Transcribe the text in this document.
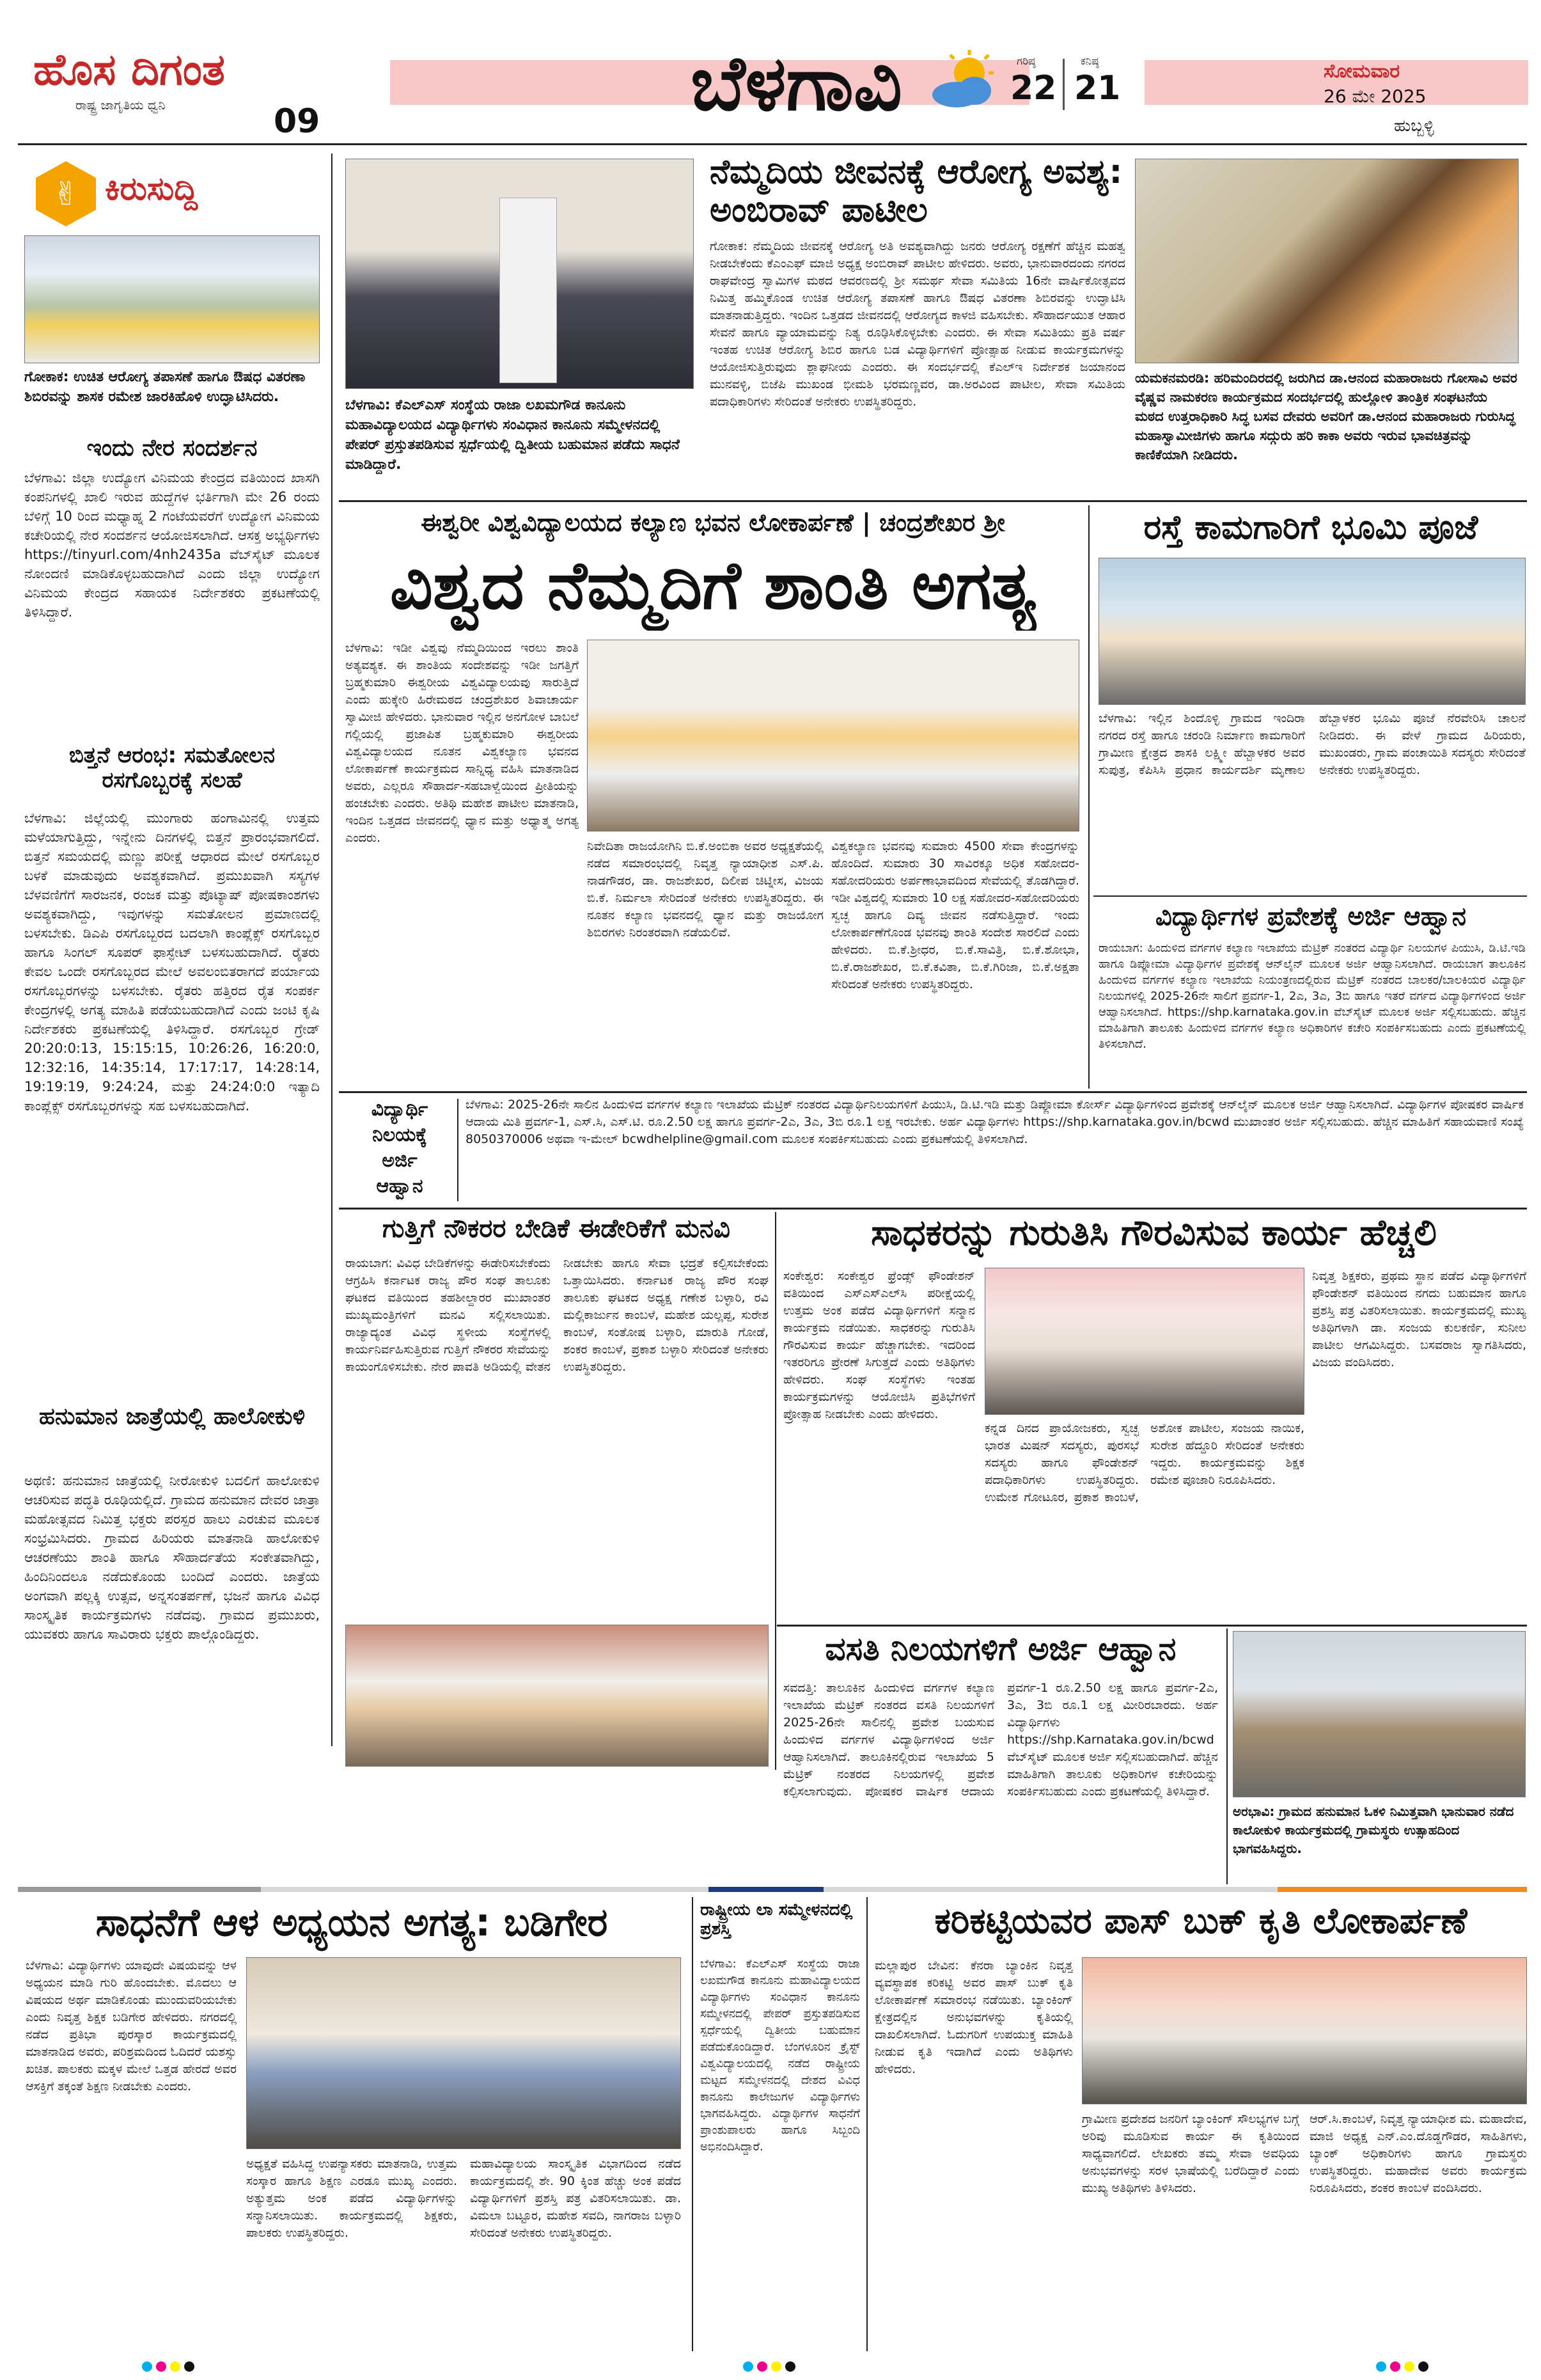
ಹೊಸ ದಿಗಂತ
ರಾಷ್ಟ್ರ ಜಾಗೃತಿಯ ಧ್ವನಿ	09	ಬೆಳಗಾವಿ	ಗರಿಷ್ಠ
22
ಕನಿಷ್ಠ
21	ಸೋಮವಾರ
26 ಮೇ 2025
ಹುಬ್ಬಳ್ಳಿ
✌ ಕಿರುಸುದ್ದಿ
ಗೋಕಾಕ: ಉಚಿತ ಆರೋಗ್ಯ ತಪಾಸಣೆ ಹಾಗೂ ಔಷಧ ವಿತರಣಾ ಶಿಬಿರವನ್ನು ಶಾಸಕ ರಮೇಶ ಜಾರಕಿಹೊಳಿ ಉದ್ಘಾಟಿಸಿದರು.
ಇಂದು ನೇರ ಸಂದರ್ಶನ
ಬೆಳಗಾವಿ: ಜಿಲ್ಲಾ ಉದ್ಯೋಗ ವಿನಿಮಯ ಕೇಂದ್ರದ ವತಿಯಿಂದ ಖಾಸಗಿ ಕಂಪನಿಗಳಲ್ಲಿ ಖಾಲಿ ಇರುವ ಹುದ್ದೆಗಳ ಭರ್ತಿಗಾಗಿ ಮೇ 26 ರಂದು ಬೆಳಿಗ್ಗೆ 10 ರಿಂದ ಮಧ್ಯಾಹ್ನ 2 ಗಂಟೆಯವರೆಗೆ ಉದ್ಯೋಗ ವಿನಿಮಯ ಕಚೇರಿಯಲ್ಲಿ ನೇರ ಸಂದರ್ಶನ ಆಯೋಜಿಸಲಾಗಿದೆ. ಆಸಕ್ತ ಅಭ್ಯರ್ಥಿಗಳು https://tinyurl.com/4nh2435a ವೆಬ್‌ಸೈಟ್ ಮೂಲಕ ನೋಂದಣಿ ಮಾಡಿಕೊಳ್ಳಬಹುದಾಗಿದೆ ಎಂದು ಜಿಲ್ಲಾ ಉದ್ಯೋಗ ವಿನಿಮಯ ಕೇಂದ್ರದ ಸಹಾಯಕ ನಿರ್ದೇಶಕರು ಪ್ರಕಟಣೆಯಲ್ಲಿ ತಿಳಿಸಿದ್ದಾರೆ.
ಬಿತ್ತನೆ ಆರಂಭ: ಸಮತೋಲನ ರಸಗೊಬ್ಬರಕ್ಕೆ ಸಲಹೆ
ಬೆಳಗಾವಿ: ಜಿಲ್ಲೆಯಲ್ಲಿ ಮುಂಗಾರು ಹಂಗಾಮಿನಲ್ಲಿ ಉತ್ತಮ ಮಳೆಯಾಗುತ್ತಿದ್ದು, ಇನ್ನೇನು ದಿನಗಳಲ್ಲಿ ಬಿತ್ತನೆ ಪ್ರಾರಂಭವಾಗಲಿದೆ. ಬಿತ್ತನೆ ಸಮಯದಲ್ಲಿ ಮಣ್ಣು ಪರೀಕ್ಷೆ ಆಧಾರದ ಮೇಲೆ ರಸಗೊಬ್ಬರ ಬಳಕೆ ಮಾಡುವುದು ಅವಶ್ಯಕವಾಗಿದೆ. ಪ್ರಮುಖವಾಗಿ ಸಸ್ಯಗಳ ಬೆಳವಣಿಗೆಗೆ ಸಾರಜನಕ, ರಂಜಕ ಮತ್ತು ಪೊಟ್ಯಾಷ್ ಪೋಷಕಾಂಶಗಳು ಅವಶ್ಯಕವಾಗಿದ್ದು, ಇವುಗಳನ್ನು ಸಮತೋಲನ ಪ್ರಮಾಣದಲ್ಲಿ ಬಳಸಬೇಕು. ಡಿಎಪಿ ರಸಗೊಬ್ಬರದ ಬದಲಾಗಿ ಕಾಂಪ್ಲೆಕ್ಸ್ ರಸಗೊಬ್ಬರ ಹಾಗೂ ಸಿಂಗಲ್ ಸೂಪರ್ ಫಾಸ್ಫೇಟ್ ಬಳಸಬಹುದಾಗಿದೆ. ರೈತರು ಕೇವಲ ಒಂದೇ ರಸಗೊಬ್ಬರದ ಮೇಲೆ ಅವಲಂಬಿತರಾಗದೆ ಪರ್ಯಾಯ ರಸಗೊಬ್ಬರಗಳನ್ನು ಬಳಸಬೇಕು. ರೈತರು ಹತ್ತಿರದ ರೈತ ಸಂಪರ್ಕ ಕೇಂದ್ರಗಳಲ್ಲಿ ಅಗತ್ಯ ಮಾಹಿತಿ ಪಡೆಯಬಹುದಾಗಿದೆ ಎಂದು ಜಂಟಿ ಕೃಷಿ ನಿರ್ದೇಶಕರು ಪ್ರಕಟಣೆಯಲ್ಲಿ ತಿಳಿಸಿದ್ದಾರೆ. ರಸಗೊಬ್ಬರ ಗ್ರೇಡ್ 20:20:0:13, 15:15:15, 10:26:26, 16:20:0, 12:32:16, 14:35:14, 17:17:17, 14:28:14, 19:19:19, 9:24:24, ಮತ್ತು 24:24:0:0 ಇತ್ಯಾದಿ ಕಾಂಪ್ಲೆಕ್ಸ್ ರಸಗೊಬ್ಬರಗಳನ್ನು ಸಹ ಬಳಸಬಹುದಾಗಿದೆ.
ಹನುಮಾನ ಜಾತ್ರೆಯಲ್ಲಿ ಹಾಲೋಕುಳಿ
ಅಥಣಿ: ಹನುಮಾನ ಜಾತ್ರೆಯಲ್ಲಿ ನೀರೋಕುಳಿ ಬದಲಿಗೆ ಹಾಲೋಕುಳಿ ಆಚರಿಸುವ ಪದ್ಧತಿ ರೂಢಿಯಲ್ಲಿದೆ. ಗ್ರಾಮದ ಹನುಮಾನ ದೇವರ ಜಾತ್ರಾ ಮಹೋತ್ಸವದ ನಿಮಿತ್ತ ಭಕ್ತರು ಪರಸ್ಪರ ಹಾಲು ಎರಚುವ ಮೂಲಕ ಸಂಭ್ರಮಿಸಿದರು. ಗ್ರಾಮದ ಹಿರಿಯರು ಮಾತನಾಡಿ ಹಾಲೋಕುಳಿ ಆಚರಣೆಯು ಶಾಂತಿ ಹಾಗೂ ಸೌಹಾರ್ದತೆಯ ಸಂಕೇತವಾಗಿದ್ದು, ಹಿಂದಿನಿಂದಲೂ ನಡೆದುಕೊಂಡು ಬಂದಿದೆ ಎಂದರು. ಜಾತ್ರೆಯ ಅಂಗವಾಗಿ ಪಲ್ಲಕ್ಕಿ ಉತ್ಸವ, ಅನ್ನಸಂತರ್ಪಣೆ, ಭಜನೆ ಹಾಗೂ ವಿವಿಧ ಸಾಂಸ್ಕೃತಿಕ ಕಾರ್ಯಕ್ರಮಗಳು ನಡೆದವು. ಗ್ರಾಮದ ಪ್ರಮುಖರು, ಯುವಕರು ಹಾಗೂ ಸಾವಿರಾರು ಭಕ್ತರು ಪಾಲ್ಗೊಂಡಿದ್ದರು.
ಬೆಳಗಾವಿ: ಕೆಎಲ್‌ಎಸ್ ಸಂಸ್ಥೆಯ ರಾಜಾ ಲಖಮಗೌಡ ಕಾನೂನು ಮಹಾವಿದ್ಯಾಲಯದ ವಿದ್ಯಾರ್ಥಿಗಳು ಸಂವಿಧಾನ ಕಾನೂನು ಸಮ್ಮೇಳನದಲ್ಲಿ ಪೇಪರ್ ಪ್ರಸ್ತುತಪಡಿಸುವ ಸ್ಪರ್ಧೆಯಲ್ಲಿ ದ್ವಿತೀಯ ಬಹುಮಾನ ಪಡೆದು ಸಾಧನೆ ಮಾಡಿದ್ದಾರೆ.
ನೆಮ್ಮದಿಯ ಜೀವನಕ್ಕೆ ಆರೋಗ್ಯ ಅವಶ್ಯ: ಅಂಬಿರಾವ್ ಪಾಟೀಲ
ಗೋಕಾಕ: ನೆಮ್ಮದಿಯ ಜೀವನಕ್ಕೆ ಆರೋಗ್ಯ ಅತಿ ಅವಶ್ಯವಾಗಿದ್ದು ಜನರು ಆರೋಗ್ಯ ರಕ್ಷಣೆಗೆ ಹೆಚ್ಚಿನ ಮಹತ್ವ ನೀಡಬೇಕೆಂದು ಕೆಎಂಎಫ್ ಮಾಜಿ ಅಧ್ಯಕ್ಷ ಅಂಬಿರಾವ್ ಪಾಟೀಲ ಹೇಳಿದರು. ಅವರು, ಭಾನುವಾರದಂದು ನಗರದ ರಾಘವೇಂದ್ರ ಸ್ವಾಮಿಗಳ ಮಠದ ಆವರಣದಲ್ಲಿ ಶ್ರೀ ಸಮರ್ಥ ಸೇವಾ ಸಮಿತಿಯ 16ನೇ ವಾರ್ಷಿಕೋತ್ಸವದ ನಿಮಿತ್ತ ಹಮ್ಮಿಕೊಂಡ ಉಚಿತ ಆರೋಗ್ಯ ತಪಾಸಣೆ ಹಾಗೂ ಔಷಧ ವಿತರಣಾ ಶಿಬಿರವನ್ನು ಉದ್ಘಾಟಿಸಿ ಮಾತನಾಡುತ್ತಿದ್ದರು. ಇಂದಿನ ಒತ್ತಡದ ಜೀವನದಲ್ಲಿ ಆರೋಗ್ಯದ ಕಾಳಜಿ ವಹಿಸಬೇಕು. ಸೌಹಾರ್ದಯುತ ಆಹಾರ ಸೇವನೆ ಹಾಗೂ ವ್ಯಾಯಾಮವನ್ನು ನಿತ್ಯ ರೂಢಿಸಿಕೊಳ್ಳಬೇಕು ಎಂದರು. ಈ ಸೇವಾ ಸಮಿತಿಯು ಪ್ರತಿ ವರ್ಷ ಇಂತಹ ಉಚಿತ ಆರೋಗ್ಯ ಶಿಬಿರ ಹಾಗೂ ಬಡ ವಿದ್ಯಾರ್ಥಿಗಳಿಗೆ ಪ್ರೋತ್ಸಾಹ ನೀಡುವ ಕಾರ್ಯಕ್ರಮಗಳನ್ನು ಆಯೋಜಿಸುತ್ತಿರುವುದು ಶ್ಲಾಘನೀಯ ಎಂದರು. ಈ ಸಂದರ್ಭದಲ್ಲಿ ಕೆಎಲ್ಇ ನಿರ್ದೇಶಕ ಜಯಾನಂದ ಮುನವಳ್ಳಿ, ಬಿಜೆಪಿ ಮುಖಂಡ ಭೀಮಶಿ ಭರಮಣ್ಣವರ, ಡಾ.ಅರವಿಂದ ಪಾಟೀಲ, ಸೇವಾ ಸಮಿತಿಯ ಪದಾಧಿಕಾರಿಗಳು ಸೇರಿದಂತೆ ಅನೇಕರು ಉಪಸ್ಥಿತರಿದ್ದರು.
ಯಮಕನಮರಡಿ: ಹರಿಮಂದಿರದಲ್ಲಿ ಜರುಗಿದ ಡಾ.ಆನಂದ ಮಹಾರಾಜರು ಗೋಸಾವಿ ಅವರ ವೈಷ್ಣವ ನಾಮಕರಣ ಕಾರ್ಯಕ್ರಮದ ಸಂದರ್ಭದಲ್ಲಿ ಹುಲ್ಲೋಳಿ ತಾಂತ್ರಿಕ ಸಂಘಟನೆಯ ಮಠದ ಉತ್ತರಾಧಿಕಾರಿ ಸಿದ್ಧ ಬಸವ ದೇವರು ಅವರಿಗೆ ಡಾ.ಆನಂದ ಮಹಾರಾಜರು ಗುರುಸಿದ್ಧ ಮಹಾಸ್ವಾಮೀಜಿಗಳು ಹಾಗೂ ಸದ್ಗುರು ಹರಿ ಕಾಕಾ ಅವರು ಇರುವ ಭಾವಚಿತ್ರವನ್ನು ಕಾಣಿಕೆಯಾಗಿ ನೀಡಿದರು.
ಈಶ್ವರೀ ವಿಶ್ವವಿದ್ಯಾಲಯದ ಕಲ್ಯಾಣ ಭವನ ಲೋಕಾರ್ಪಣೆ | ಚಂದ್ರಶೇಖರ ಶ್ರೀ
ವಿಶ್ವದ ನೆಮ್ಮದಿಗೆ ಶಾಂತಿ ಅಗತ್ಯ
ಬೆಳಗಾವಿ: ಇಡೀ ವಿಶ್ವವು ನೆಮ್ಮದಿಯಿಂದ ಇರಲು ಶಾಂತಿ ಅತ್ಯವಶ್ಯಕ. ಈ ಶಾಂತಿಯ ಸಂದೇಶವನ್ನು ಇಡೀ ಜಗತ್ತಿಗೆ ಬ್ರಹ್ಮಕುಮಾರಿ ಈಶ್ವರೀಯ ವಿಶ್ವವಿದ್ಯಾಲಯವು ಸಾರುತ್ತಿದೆ ಎಂದು ಹುಕ್ಕೇರಿ ಹಿರೇಮಠದ ಚಂದ್ರಶೇಖರ ಶಿವಾಚಾರ್ಯ ಸ್ವಾಮೀಜಿ ಹೇಳಿದರು. ಭಾನುವಾರ ಇಲ್ಲಿನ ಅನಗೋಳ ಬಾಬಲೆ ಗಲ್ಲಿಯಲ್ಲಿ ಪ್ರಜಾಪಿತ ಬ್ರಹ್ಮಕುಮಾರಿ ಈಶ್ವರೀಯ ವಿಶ್ವವಿದ್ಯಾಲಯದ ನೂತನ ವಿಶ್ವಕಲ್ಯಾಣ ಭವನದ ಲೋಕಾರ್ಪಣೆ ಕಾರ್ಯಕ್ರಮದ ಸಾನ್ನಿಧ್ಯ ವಹಿಸಿ ಮಾತನಾಡಿದ ಅವರು, ಎಲ್ಲರೂ ಸೌಹಾರ್ದ-ಸಹಬಾಳ್ವೆಯಿಂದ ಪ್ರೀತಿಯನ್ನು ಹಂಚಬೇಕು ಎಂದರು. ಅತಿಥಿ ಮಹೇಶ ಪಾಟೀಲ ಮಾತನಾಡಿ, ಇಂದಿನ ಒತ್ತಡದ ಜೀವನದಲ್ಲಿ ಧ್ಯಾನ ಮತ್ತು ಅಧ್ಯಾತ್ಮ ಅಗತ್ಯ ಎಂದರು.
ನಿವೇದಿತಾ ರಾಜಯೋಗಿನಿ ಬಿ.ಕೆ.ಅಂಬಿಕಾ ಅವರ ಅಧ್ಯಕ್ಷತೆಯಲ್ಲಿ ನಡೆದ ಸಮಾರಂಭದಲ್ಲಿ ನಿವೃತ್ತ ನ್ಯಾಯಾಧೀಶ ಎಸ್.ಪಿ. ನಾಡಗೌಡರ, ಡಾ. ರಾಜಶೇಖರ, ದಿಲೀಪ ಚಿಟ್ನೀಸ, ವಿಜಯ ಬಿ.ಕೆ. ನಿರ್ಮಲಾ ಸೇರಿದಂತೆ ಅನೇಕರು ಉಪಸ್ಥಿತರಿದ್ದರು. ಈ ನೂತನ ಕಲ್ಯಾಣ ಭವನದಲ್ಲಿ ಧ್ಯಾನ ಮತ್ತು ರಾಜಯೋಗ ಶಿಬಿರಗಳು ನಿರಂತರವಾಗಿ ನಡೆಯಲಿವೆ.
ವಿಶ್ವಕಲ್ಯಾಣ ಭವನವು ಸುಮಾರು 4500 ಸೇವಾ ಕೇಂದ್ರಗಳನ್ನು ಹೊಂದಿದೆ. ಸುಮಾರು 30 ಸಾವಿರಕ್ಕೂ ಅಧಿಕ ಸಹೋದರ-ಸಹೋದರಿಯರು ಅರ್ಪಣಾಭಾವದಿಂದ ಸೇವೆಯಲ್ಲಿ ತೊಡಗಿದ್ದಾರೆ. ಇಡೀ ವಿಶ್ವದಲ್ಲಿ ಸುಮಾರು 10 ಲಕ್ಷ ಸಹೋದರ-ಸಹೋದರಿಯರು ಸ್ವಚ್ಛ ಹಾಗೂ ದಿವ್ಯ ಜೀವನ ನಡೆಸುತ್ತಿದ್ದಾರೆ. ಇಂದು ಲೋಕಾರ್ಪಣೆಗೊಂಡ ಭವನವು ಶಾಂತಿ ಸಂದೇಶ ಸಾರಲಿದೆ ಎಂದು ಹೇಳಿದರು. ಬಿ.ಕೆ.ಶ್ರೀಧರ, ಬಿ.ಕೆ.ಸಾವಿತ್ರಿ, ಬಿ.ಕೆ.ಶೋಭಾ, ಬಿ.ಕೆ.ರಾಜಶೇಖರ, ಬಿ.ಕೆ.ಕವಿತಾ, ಬಿ.ಕೆ.ಗಿರಿಜಾ, ಬಿ.ಕೆ.ಅಕ್ಷತಾ ಸೇರಿದಂತೆ ಅನೇಕರು ಉಪಸ್ಥಿತರಿದ್ದರು.
ರಸ್ತೆ ಕಾಮಗಾರಿಗೆ ಭೂಮಿ ಪೂಜೆ
ಬೆಳಗಾವಿ: ಇಲ್ಲಿನ ಶಿಂದೊಳ್ಳಿ ಗ್ರಾಮದ ಇಂದಿರಾ ನಗರದ ರಸ್ತೆ ಹಾಗೂ ಚರಂಡಿ ನಿರ್ಮಾಣ ಕಾಮಗಾರಿಗೆ ಗ್ರಾಮೀಣ ಕ್ಷೇತ್ರದ ಶಾಸಕಿ ಲಕ್ಷ್ಮೀ ಹೆಬ್ಬಾಳಕರ ಅವರ ಸುಪುತ್ರ, ಕೆಪಿಸಿಸಿ ಪ್ರಧಾನ ಕಾರ್ಯದರ್ಶಿ ಮೃಣಾಲ ಹೆಬ್ಬಾಳಕರ ಭೂಮಿ ಪೂಜೆ ನೆರವೇರಿಸಿ ಚಾಲನೆ ನೀಡಿದರು. ಈ ವೇಳೆ ಗ್ರಾಮದ ಹಿರಿಯರು, ಮುಖಂಡರು, ಗ್ರಾಮ ಪಂಚಾಯಿತಿ ಸದಸ್ಯರು ಸೇರಿದಂತೆ ಅನೇಕರು ಉಪಸ್ಥಿತರಿದ್ದರು.
ವಿದ್ಯಾರ್ಥಿಗಳ ಪ್ರವೇಶಕ್ಕೆ ಅರ್ಜಿ ಆಹ್ವಾನ
ರಾಯಬಾಗ: ಹಿಂದುಳಿದ ವರ್ಗಗಳ ಕಲ್ಯಾಣ ಇಲಾಖೆಯ ಮೆಟ್ರಿಕ್ ನಂತರದ ವಿದ್ಯಾರ್ಥಿ ನಿಲಯಗಳ ಪಿಯುಸಿ, ಡಿ.ಟಿ.ಇಡಿ ಹಾಗೂ ಡಿಪ್ಲೋಮಾ ವಿದ್ಯಾರ್ಥಿಗಳ ಪ್ರವೇಶಕ್ಕೆ ಆನ್‌ಲೈನ್ ಮೂಲಕ ಅರ್ಜಿ ಆಹ್ವಾನಿಸಲಾಗಿದೆ. ರಾಯಬಾಗ ತಾಲೂಕಿನ ಹಿಂದುಳಿದ ವರ್ಗಗಳ ಕಲ್ಯಾಣ ಇಲಾಖೆಯ ನಿಯಂತ್ರಣದಲ್ಲಿರುವ ಮೆಟ್ರಿಕ್ ನಂತರದ ಬಾಲಕರ/ಬಾಲಕಿಯರ ವಿದ್ಯಾರ್ಥಿ ನಿಲಯಗಳಲ್ಲಿ 2025-26ನೇ ಸಾಲಿಗೆ ಪ್ರವರ್ಗ-1, 2ಎ, 3ಎ, 3ಬಿ ಹಾಗೂ ಇತರೆ ವರ್ಗದ ವಿದ್ಯಾರ್ಥಿಗಳಿಂದ ಅರ್ಜಿ ಆಹ್ವಾನಿಸಲಾಗಿದೆ. https://shp.karnataka.gov.in ವೆಬ್‌ಸೈಟ್ ಮೂಲಕ ಅರ್ಜಿ ಸಲ್ಲಿಸಬಹುದು. ಹೆಚ್ಚಿನ ಮಾಹಿತಿಗಾಗಿ ತಾಲೂಕು ಹಿಂದುಳಿದ ವರ್ಗಗಳ ಕಲ್ಯಾಣ ಅಧಿಕಾರಿಗಳ ಕಚೇರಿ ಸಂಪರ್ಕಿಸಬಹುದು ಎಂದು ಪ್ರಕಟಣೆಯಲ್ಲಿ ತಿಳಿಸಲಾಗಿದೆ.
ವಿದ್ಯಾರ್ಥಿ
ನಿಲಯಕ್ಕೆ
ಅರ್ಜಿ
ಆಹ್ವಾನ
ಬೆಳಗಾವಿ: 2025-26ನೇ ಸಾಲಿನ ಹಿಂದುಳಿದ ವರ್ಗಗಳ ಕಲ್ಯಾಣ ಇಲಾಖೆಯ ಮೆಟ್ರಿಕ್ ನಂತರದ ವಿದ್ಯಾರ್ಥಿನಿಲಯಗಳಿಗೆ ಪಿಯುಸಿ, ಡಿ.ಟಿ.ಇಡಿ ಮತ್ತು ಡಿಪ್ಲೋಮಾ ಕೋರ್ಸ್ ವಿದ್ಯಾರ್ಥಿಗಳಿಂದ ಪ್ರವೇಶಕ್ಕೆ ಆನ್‌ಲೈನ್ ಮೂಲಕ ಅರ್ಜಿ ಆಹ್ವಾನಿಸಲಾಗಿದೆ. ವಿದ್ಯಾರ್ಥಿಗಳ ಪೋಷಕರ ವಾರ್ಷಿಕ ಆದಾಯ ಮಿತಿ ಪ್ರವರ್ಗ-1, ಎಸ್.ಸಿ, ಎಸ್.ಟಿ. ರೂ.2.50 ಲಕ್ಷ ಹಾಗೂ ಪ್ರವರ್ಗ-2ಎ, 3ಎ, 3ಬಿ ರೂ.1 ಲಕ್ಷ ಇರಬೇಕು. ಅರ್ಹ ವಿದ್ಯಾರ್ಥಿಗಳು https://shp.karnataka.gov.in/bcwd ಮುಖಾಂತರ ಅರ್ಜಿ ಸಲ್ಲಿಸಬಹುದು. ಹೆಚ್ಚಿನ ಮಾಹಿತಿಗೆ ಸಹಾಯವಾಣಿ ಸಂಖ್ಯೆ 8050370006 ಅಥವಾ ಇ-ಮೇಲ್ bcwdhelpline@gmail.com ಮೂಲಕ ಸಂಪರ್ಕಿಸಬಹುದು ಎಂದು ಪ್ರಕಟಣೆಯಲ್ಲಿ ತಿಳಿಸಲಾಗಿದೆ.
ಗುತ್ತಿಗೆ ನೌಕರರ ಬೇಡಿಕೆ ಈಡೇರಿಕೆಗೆ ಮನವಿ
ರಾಯಬಾಗ: ವಿವಿಧ ಬೇಡಿಕೆಗಳನ್ನು ಈಡೇರಿಸಬೇಕೆಂದು ಆಗ್ರಹಿಸಿ ಕರ್ನಾಟಕ ರಾಜ್ಯ ಪೌರ ಸಂಘ ತಾಲೂಕು ಘಟಕದ ವತಿಯಿಂದ ತಹಶೀಲ್ದಾರರ ಮುಖಾಂತರ ಮುಖ್ಯಮಂತ್ರಿಗಳಿಗೆ ಮನವಿ ಸಲ್ಲಿಸಲಾಯಿತು. ರಾಜ್ಯಾದ್ಯಂತ ವಿವಿಧ ಸ್ಥಳೀಯ ಸಂಸ್ಥೆಗಳಲ್ಲಿ ಕಾರ್ಯನಿರ್ವಹಿಸುತ್ತಿರುವ ಗುತ್ತಿಗೆ ನೌಕರರ ಸೇವೆಯನ್ನು ಕಾಯಂಗೊಳಿಸಬೇಕು. ನೇರ ಪಾವತಿ ಅಡಿಯಲ್ಲಿ ವೇತನ ನೀಡಬೇಕು ಹಾಗೂ ಸೇವಾ ಭದ್ರತೆ ಕಲ್ಪಿಸಬೇಕೆಂದು ಒತ್ತಾಯಿಸಿದರು. ಕರ್ನಾಟಕ ರಾಜ್ಯ ಪೌರ ಸಂಘ ತಾಲೂಕು ಘಟಕದ ಅಧ್ಯಕ್ಷ ಗಣೇಶ ಬಳ್ಳಾರಿ, ರವಿ ಮಲ್ಲಿಕಾರ್ಜುನ ಕಾಂಬಳೆ, ಮಹೇಶ ಯಲ್ಲಪ್ಪ, ಸುರೇಶ ಕಾಂಬಳೆ, ಸಂತೋಷ ಬಳ್ಳಾರಿ, ಮಾರುತಿ ಗೋಡೆ, ಶಂಕರ ಕಾಂಬಳೆ, ಪ್ರಕಾಶ ಬಳ್ಳಾರಿ ಸೇರಿದಂತೆ ಅನೇಕರು ಉಪಸ್ಥಿತರಿದ್ದರು.
ಸಾಧಕರನ್ನು ಗುರುತಿಸಿ ಗೌರವಿಸುವ ಕಾರ್ಯ ಹೆಚ್ಚಲಿ
ಸಂಕೇಶ್ವರ: ಸಂಕೇಶ್ವರ ಫ್ರೆಂಡ್ಸ್ ಫೌಂಡೇಶನ್ ವತಿಯಿಂದ ಎಸ್ಎಸ್ಎಲ್‌ಸಿ ಪರೀಕ್ಷೆಯಲ್ಲಿ ಉತ್ತಮ ಅಂಕ ಪಡೆದ ವಿದ್ಯಾರ್ಥಿಗಳಿಗೆ ಸನ್ಮಾನ ಕಾರ್ಯಕ್ರಮ ನಡೆಯಿತು. ಸಾಧಕರನ್ನು ಗುರುತಿಸಿ ಗೌರವಿಸುವ ಕಾರ್ಯ ಹೆಚ್ಚಾಗಬೇಕು. ಇದರಿಂದ ಇತರರಿಗೂ ಪ್ರೇರಣೆ ಸಿಗುತ್ತದೆ ಎಂದು ಅತಿಥಿಗಳು ಹೇಳಿದರು. ಸಂಘ ಸಂಸ್ಥೆಗಳು ಇಂತಹ ಕಾರ್ಯಕ್ರಮಗಳನ್ನು ಆಯೋಜಿಸಿ ಪ್ರತಿಭೆಗಳಿಗೆ ಪ್ರೋತ್ಸಾಹ ನೀಡಬೇಕು ಎಂದು ಹೇಳಿದರು.
ಕನ್ನಡ ದಿನದ ಪ್ರಾಯೋಜಕರು, ಸ್ವಚ್ಛ ಭಾರತ ಮಿಷನ್ ಸದಸ್ಯರು, ಪುರಸಭೆ ಸದಸ್ಯರು ಹಾಗೂ ಫೌಂಡೇಶನ್ ಪದಾಧಿಕಾರಿಗಳು ಉಪಸ್ಥಿತರಿದ್ದರು. ಉಮೇಶ ಗೋಟೂರ, ಪ್ರಕಾಶ ಕಾಂಬಳೆ, ಅಶೋಕ ಪಾಟೀಲ, ಸಂಜಯ ನಾಯಿಕ, ಸುರೇಶ ಹೆದ್ದೂರಿ ಸೇರಿದಂತೆ ಅನೇಕರು ಇದ್ದರು. ಕಾರ್ಯಕ್ರಮವನ್ನು ಶಿಕ್ಷಕ ರಮೇಶ ಪೂಜಾರಿ ನಿರೂಪಿಸಿದರು.
ನಿವೃತ್ತ ಶಿಕ್ಷಕರು, ಪ್ರಥಮ ಸ್ಥಾನ ಪಡೆದ ವಿದ್ಯಾರ್ಥಿಗಳಿಗೆ ಫೌಂಡೇಶನ್ ವತಿಯಿಂದ ನಗದು ಬಹುಮಾನ ಹಾಗೂ ಪ್ರಶಸ್ತಿ ಪತ್ರ ವಿತರಿಸಲಾಯಿತು. ಕಾರ್ಯಕ್ರಮದಲ್ಲಿ ಮುಖ್ಯ ಅತಿಥಿಗಳಾಗಿ ಡಾ. ಸಂಜಯ ಕುಲಕರ್ಣಿ, ಸುನೀಲ ಪಾಟೀಲ ಆಗಮಿಸಿದ್ದರು. ಬಸವರಾಜ ಸ್ವಾಗತಿಸಿದರು, ವಿಜಯ ವಂದಿಸಿದರು.
ವಸತಿ ನಿಲಯಗಳಿಗೆ ಅರ್ಜಿ ಆಹ್ವಾನ
ಸವದತ್ತಿ: ತಾಲೂಕಿನ ಹಿಂದುಳಿದ ವರ್ಗಗಳ ಕಲ್ಯಾಣ ಇಲಾಖೆಯ ಮೆಟ್ರಿಕ್ ನಂತರದ ವಸತಿ ನಿಲಯಗಳಿಗೆ 2025-26ನೇ ಸಾಲಿನಲ್ಲಿ ಪ್ರವೇಶ ಬಯಸುವ ಹಿಂದುಳಿದ ವರ್ಗಗಳ ವಿದ್ಯಾರ್ಥಿಗಳಿಂದ ಅರ್ಜಿ ಆಹ್ವಾನಿಸಲಾಗಿದೆ. ತಾಲೂಕಿನಲ್ಲಿರುವ ಇಲಾಖೆಯ 5 ಮೆಟ್ರಿಕ್ ನಂತರದ ನಿಲಯಗಳಲ್ಲಿ ಪ್ರವೇಶ ಕಲ್ಪಿಸಲಾಗುವುದು. ಪೋಷಕರ ವಾರ್ಷಿಕ ಆದಾಯ ಪ್ರವರ್ಗ-1 ರೂ.2.50 ಲಕ್ಷ ಹಾಗೂ ಪ್ರವರ್ಗ-2ಎ, 3ಎ, 3ಬಿ ರೂ.1 ಲಕ್ಷ ಮೀರಿರಬಾರದು. ಅರ್ಹ ವಿದ್ಯಾರ್ಥಿಗಳು https://shp.Karnataka.gov.in/bcwd ವೆಬ್‌ಸೈಟ್ ಮೂಲಕ ಅರ್ಜಿ ಸಲ್ಲಿಸಬಹುದಾಗಿದೆ. ಹೆಚ್ಚಿನ ಮಾಹಿತಿಗಾಗಿ ತಾಲೂಕು ಅಧಿಕಾರಿಗಳ ಕಚೇರಿಯನ್ನು ಸಂಪರ್ಕಿಸಬಹುದು ಎಂದು ಪ್ರಕಟಣೆಯಲ್ಲಿ ತಿಳಿಸಿದ್ದಾರೆ.
ಅರಭಾವಿ: ಗ್ರಾಮದ ಹನುಮಾನ ಓಕಳಿ ನಿಮಿತ್ತವಾಗಿ ಭಾನುವಾರ ನಡೆದ ಕಾಲೋಕುಳಿ ಕಾರ್ಯಕ್ರಮದಲ್ಲಿ ಗ್ರಾಮಸ್ಥರು ಉತ್ಸಾಹದಿಂದ ಭಾಗವಹಿಸಿದ್ದರು.
ಸಾಧನೆಗೆ ಆಳ ಅಧ್ಯಯನ ಅಗತ್ಯ: ಬಡಿಗೇರ
ಬೆಳಗಾವಿ: ವಿದ್ಯಾರ್ಥಿಗಳು ಯಾವುದೇ ವಿಷಯವನ್ನು ಆಳ ಅಧ್ಯಯನ ಮಾಡಿ ಗುರಿ ಹೊಂದಬೇಕು. ಮೊದಲು ಆ ವಿಷಯದ ಅರ್ಥ ಮಾಡಿಕೊಂಡು ಮುಂದುವರಿಯಬೇಕು ಎಂದು ನಿವೃತ್ತ ಶಿಕ್ಷಕ ಬಡಿಗೇರ ಹೇಳಿದರು. ನಗರದಲ್ಲಿ ನಡೆದ ಪ್ರತಿಭಾ ಪುರಸ್ಕಾರ ಕಾರ್ಯಕ್ರಮದಲ್ಲಿ ಮಾತನಾಡಿದ ಅವರು, ಪರಿಶ್ರಮದಿಂದ ಓದಿದರೆ ಯಶಸ್ಸು ಖಚಿತ. ಪಾಲಕರು ಮಕ್ಕಳ ಮೇಲೆ ಒತ್ತಡ ಹೇರದೆ ಅವರ ಆಸಕ್ತಿಗೆ ತಕ್ಕಂತೆ ಶಿಕ್ಷಣ ನೀಡಬೇಕು ಎಂದರು.
ಅಧ್ಯಕ್ಷತೆ ವಹಿಸಿದ್ದ ಉಪನ್ಯಾಸಕರು ಮಾತನಾಡಿ, ಉತ್ತಮ ಸಂಸ್ಕಾರ ಹಾಗೂ ಶಿಕ್ಷಣ ಎರಡೂ ಮುಖ್ಯ ಎಂದರು. ಅತ್ಯುತ್ತಮ ಅಂಕ ಪಡೆದ ವಿದ್ಯಾರ್ಥಿಗಳನ್ನು ಸನ್ಮಾನಿಸಲಾಯಿತು. ಕಾರ್ಯಕ್ರಮದಲ್ಲಿ ಶಿಕ್ಷಕರು, ಪಾಲಕರು ಉಪಸ್ಥಿತರಿದ್ದರು.
ಮಹಾವಿದ್ಯಾಲಯ ಸಾಂಸ್ಕೃತಿಕ ವಿಭಾಗದಿಂದ ನಡೆದ ಕಾರ್ಯಕ್ರಮದಲ್ಲಿ ಶೇ. 90 ಕ್ಕಿಂತ ಹೆಚ್ಚು ಅಂಕ ಪಡೆದ ವಿದ್ಯಾರ್ಥಿಗಳಿಗೆ ಪ್ರಶಸ್ತಿ ಪತ್ರ ವಿತರಿಸಲಾಯಿತು. ಡಾ. ವಿಮಲಾ ಬಟ್ಟೂರ, ಮಹೇಶ ಸವದಿ, ನಾಗರಾಜ ಬಳ್ಳಾರಿ ಸೇರಿದಂತೆ ಅನೇಕರು ಉಪಸ್ಥಿತರಿದ್ದರು.
ರಾಷ್ಟ್ರೀಯ ಲಾ ಸಮ್ಮೇಳನದಲ್ಲಿ ಪ್ರಶಸ್ತಿ
ಬೆಳಗಾವಿ: ಕೆಎಲ್‌ಎಸ್ ಸಂಸ್ಥೆಯ ರಾಜಾ ಲಖಮಗೌಡ ಕಾನೂನು ಮಹಾವಿದ್ಯಾಲಯದ ವಿದ್ಯಾರ್ಥಿಗಳು ಸಂವಿಧಾನ ಕಾನೂನು ಸಮ್ಮೇಳನದಲ್ಲಿ ಪೇಪರ್ ಪ್ರಸ್ತುತಪಡಿಸುವ ಸ್ಪರ್ಧೆಯಲ್ಲಿ ದ್ವಿತೀಯ ಬಹುಮಾನ ಪಡೆದುಕೊಂಡಿದ್ದಾರೆ. ಬೆಂಗಳೂರಿನ ಕ್ರೈಸ್ಟ್ ವಿಶ್ವವಿದ್ಯಾಲಯದಲ್ಲಿ ನಡೆದ ರಾಷ್ಟ್ರೀಯ ಮಟ್ಟದ ಸಮ್ಮೇಳನದಲ್ಲಿ ದೇಶದ ವಿವಿಧ ಕಾನೂನು ಕಾಲೇಜುಗಳ ವಿದ್ಯಾರ್ಥಿಗಳು ಭಾಗವಹಿಸಿದ್ದರು. ವಿದ್ಯಾರ್ಥಿಗಳ ಸಾಧನೆಗೆ ಪ್ರಾಂಶುಪಾಲರು ಹಾಗೂ ಸಿಬ್ಬಂದಿ ಅಭಿನಂದಿಸಿದ್ದಾರೆ.
ಕರಿಕಟ್ಟಿಯವರ ಪಾಸ್ ಬುಕ್ ಕೃತಿ ಲೋಕಾರ್ಪಣೆ
ಮಲ್ಲಾಪುರ ಬೇವಿನ: ಕೆನರಾ ಬ್ಯಾಂಕಿನ ನಿವೃತ್ತ ವ್ಯವಸ್ಥಾಪಕ ಕರಿಕಟ್ಟಿ ಅವರ ಪಾಸ್ ಬುಕ್ ಕೃತಿ ಲೋಕಾರ್ಪಣೆ ಸಮಾರಂಭ ನಡೆಯಿತು. ಬ್ಯಾಂಕಿಂಗ್ ಕ್ಷೇತ್ರದಲ್ಲಿನ ಅನುಭವಗಳನ್ನು ಕೃತಿಯಲ್ಲಿ ದಾಖಲಿಸಲಾಗಿದೆ. ಓದುಗರಿಗೆ ಉಪಯುಕ್ತ ಮಾಹಿತಿ ನೀಡುವ ಕೃತಿ ಇದಾಗಿದೆ ಎಂದು ಅತಿಥಿಗಳು ಹೇಳಿದರು.
ಗ್ರಾಮೀಣ ಪ್ರದೇಶದ ಜನರಿಗೆ ಬ್ಯಾಂಕಿಂಗ್ ಸೌಲಭ್ಯಗಳ ಬಗ್ಗೆ ಅರಿವು ಮೂಡಿಸುವ ಕಾರ್ಯ ಈ ಕೃತಿಯಿಂದ ಸಾಧ್ಯವಾಗಲಿದೆ. ಲೇಖಕರು ತಮ್ಮ ಸೇವಾ ಅವಧಿಯ ಅನುಭವಗಳನ್ನು ಸರಳ ಭಾಷೆಯಲ್ಲಿ ಬರೆದಿದ್ದಾರೆ ಎಂದು ಮುಖ್ಯ ಅತಿಥಿಗಳು ತಿಳಿಸಿದರು.
ಆರ್.ಸಿ.ಕಾಂಬಳೆ, ನಿವೃತ್ತ ನ್ಯಾಯಾಧೀಶ ಮ. ಮಹಾದೇವ, ಮಾಜಿ ಅಧ್ಯಕ್ಷ ಎನ್.ಎಂ.ದೊಡ್ಡಗೌಡರ, ಸಾಹಿತಿಗಳು, ಬ್ಯಾಂಕ್ ಅಧಿಕಾರಿಗಳು ಹಾಗೂ ಗ್ರಾಮಸ್ಥರು ಉಪಸ್ಥಿತರಿದ್ದರು. ಮಹಾದೇವ ಅವರು ಕಾರ್ಯಕ್ರಮ ನಿರೂಪಿಸಿದರು, ಶಂಕರ ಕಾಂಬಳೆ ವಂದಿಸಿದರು.
